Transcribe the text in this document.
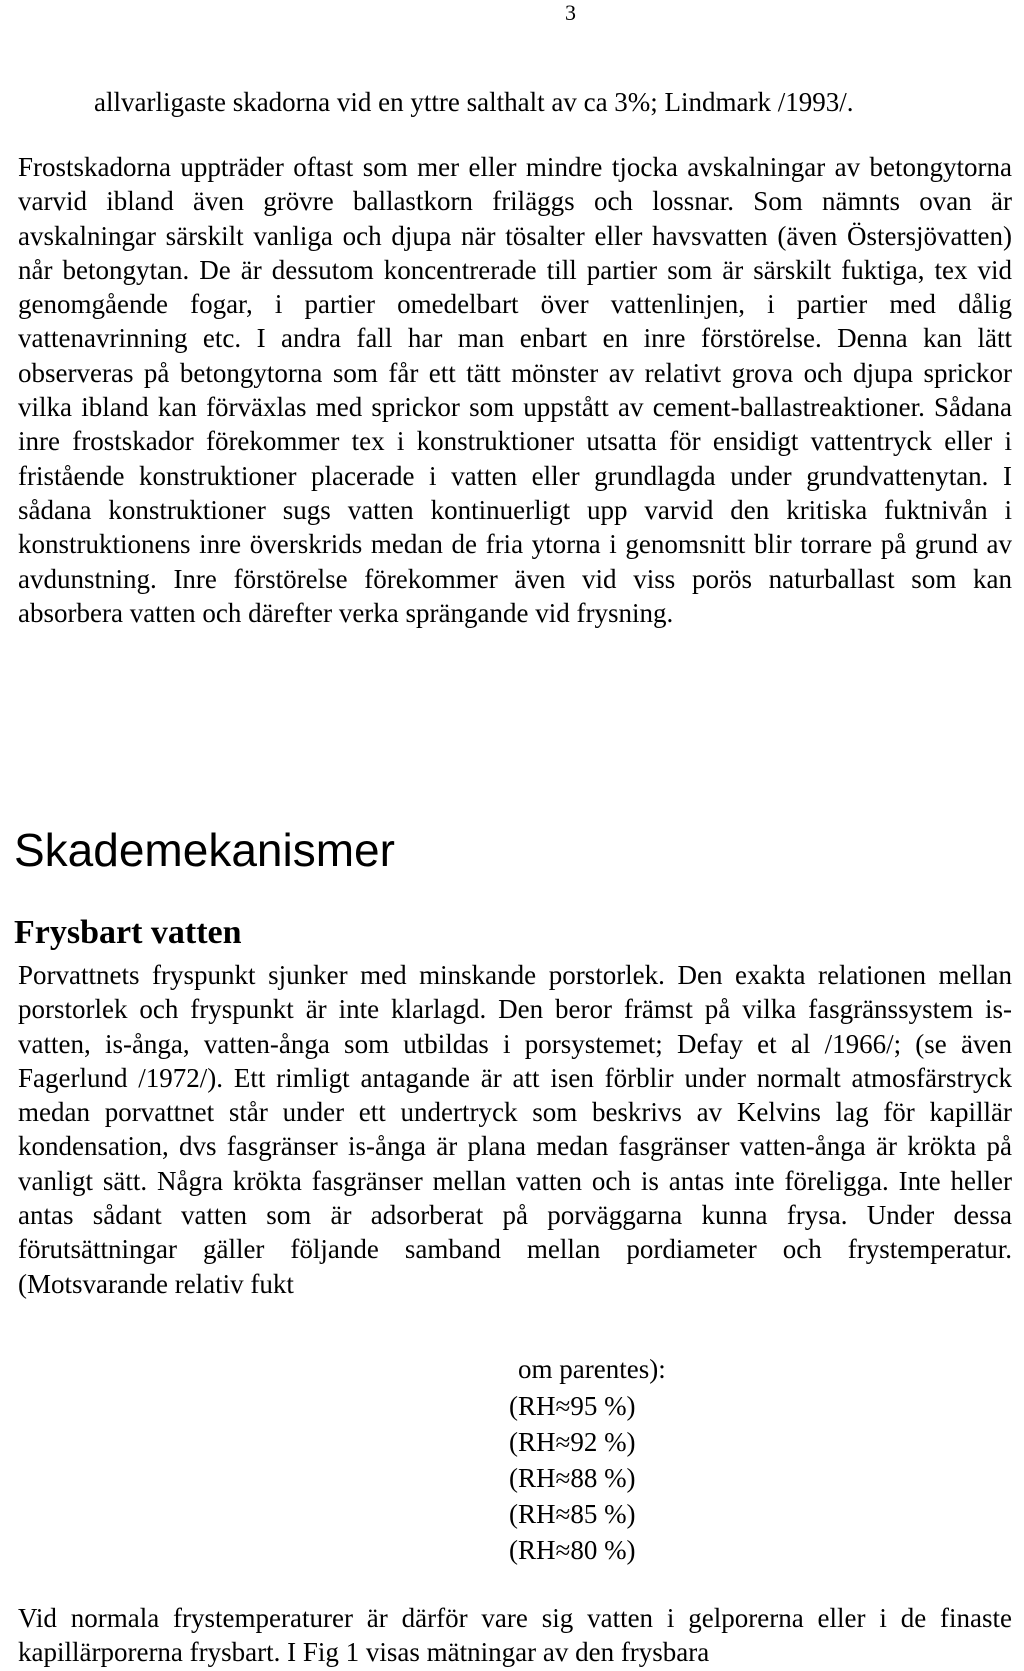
3

allvarligaste skadorna vid en yttre salthalt av ca 3%; Lindmark /1993/.

Frostskadorna uppträder oftast som mer eller mindre tjocka avskalningar av betongytorna varvid ibland även grövre ballastkorn friläggs och lossnar. Som nämnts ovan är avskalningar särskilt vanliga och djupa när tösalter eller havsvatten (även Östersjövatten) når betongytan. De är dessutom koncentrerade till partier som är särskilt fuktiga, tex vid genomgående fogar, i partier omedelbart över vattenlinjen, i partier med dålig vattenavrinning etc. I andra fall har man enbart en inre förstörelse. Denna kan lätt observeras på betongytorna som får ett tätt mönster av relativt grova och djupa sprickor vilka ibland kan förväxlas med sprickor som uppstått av cement-ballastreaktioner. Sådana inre frostskador förekommer tex i konstruktioner utsatta för ensidigt vattentryck eller i fristående konstruktioner placerade i vatten eller grundlagda under grundvattenytan. I sådana konstruktioner sugs vatten kontinuerligt upp varvid den kritiska fuktnivån i konstruktionens inre överskrids medan de fria ytorna i genomsnitt blir torrare på grund av avdunstning. Inre förstörelse förekommer även vid viss porös naturballast som kan absorbera vatten och därefter verka sprängande vid frysning.

Skademekanismer
Frysbart vatten

Porvattnets fryspunkt sjunker med minskande porstorlek. Den exakta relationen mellan porstorlek och fryspunkt är inte klarlagd. Den beror främst på vilka fasgränssystem is-vatten, is-ånga, vatten-ånga som utbildas i porsystemet; Defay et al /1966/; (se även Fagerlund /1972/). Ett rimligt antagande är att isen förblir under normalt atmosfärstryck medan porvattnet står under ett undertryck som beskrivs av Kelvins lag för kapillär kondensation, dvs fasgränser is-ånga är plana medan fasgränser vatten-ånga är krökta på vanligt sätt. Några krökta fasgränser mellan vatten och is antas inte föreligga. Inte heller antas sådant vatten som är adsorberat på porväggarna kunna frysa. Under dessa förutsättningar gäller följande samband mellan pordiameter och frystemperatur. (Motsvarande relativ fukt

om parentes):
(RH≈95 %)
(RH≈92 %)
(RH≈88 %)
(RH≈85 %)
(RH≈80 %)

Vid normala frystemperaturer är därför vare sig vatten i gelporerna eller i de finaste kapillärporerna frysbart. I Fig 1 visas mätningar av den frysbara
